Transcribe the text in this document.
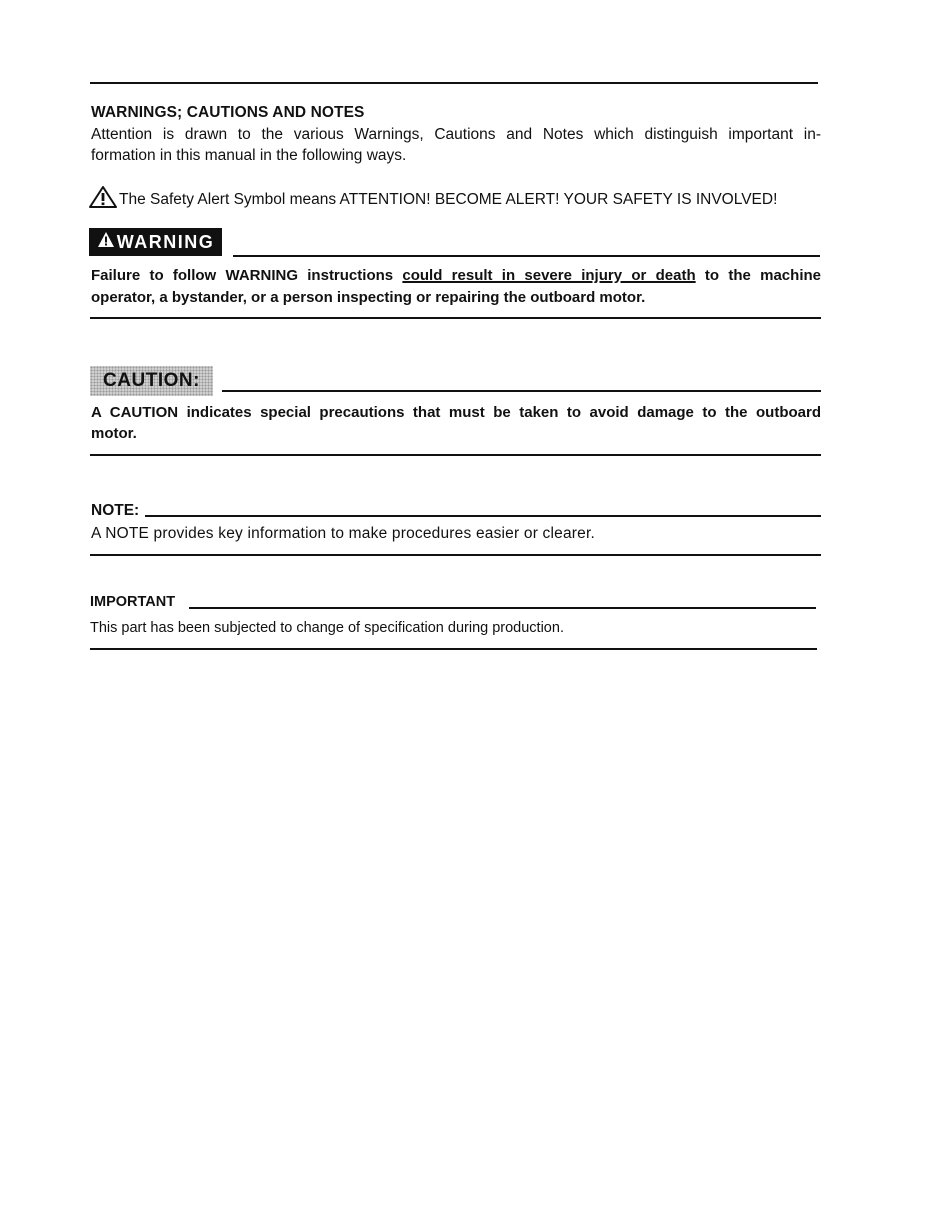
WARNINGS; CAUTIONS AND NOTES
Attention is drawn to the various Warnings, Cautions and Notes which distinguish important in-
formation in this manual in the following ways.
The Safety Alert Symbol means ATTENTION! BECOME ALERT! YOUR SAFETY IS INVOLVED!
WARNING
Failure to follow WARNING instructions could result in severe injury or death to the machine
operator, a bystander, or a person inspecting or repairing the outboard motor.
CAUTION:
A CAUTION indicates special precautions that must be taken to avoid damage to the outboard
motor.
NOTE:
A NOTE provides key information to make procedures easier or clearer.
IMPORTANT
This part has been subjected to change of specification during production.
